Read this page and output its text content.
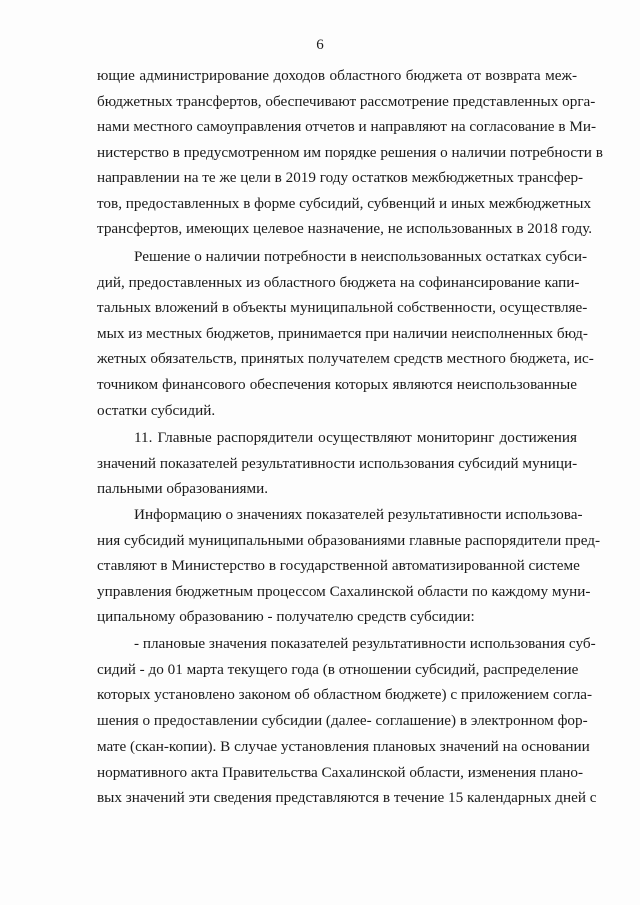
6
ющие администрирование доходов областного бюджета от возврата меж-
бюджетных трансфертов, обеспечивают рассмотрение представленных орга-
нами местного самоуправления отчетов и направляют на согласование в Ми-
нистерство в предусмотренном им порядке решения о наличии потребности в
направлении на те же цели в 2019 году остатков межбюджетных трансфер-
тов, предоставленных в форме субсидий, субвенций и иных межбюджетных
трансфертов, имеющих целевое назначение, не использованных в 2018 году.
Решение о наличии потребности в неиспользованных остатках субси-
дий, предоставленных из областного бюджета на софинансирование капи-
тальных вложений в объекты муниципальной собственности, осуществляе-
мых из местных бюджетов, принимается при наличии неисполненных бюд-
жетных обязательств, принятых получателем средств местного бюджета, ис-
точником финансового обеспечения которых являются неиспользованные
остатки субсидий.
11. Главные распорядители осуществляют мониторинг достижения
значений показателей результативности использования субсидий муници-
пальными образованиями.
Информацию о значениях показателей результативности использова-
ния субсидий муниципальными образованиями главные распорядители пред-
ставляют в Министерство в государственной автоматизированной системе
управления бюджетным процессом Сахалинской области по каждому муни-
ципальному образованию - получателю средств субсидии:
- плановые значения показателей результативности использования суб-
сидий - до 01 марта текущего года (в отношении субсидий, распределение
которых установлено законом об областном бюджете) с приложением согла-
шения о предоставлении субсидии (далее- соглашение) в электронном фор-
мате (скан-копии). В случае установления плановых значений на основании
нормативного акта Правительства Сахалинской области, изменения плано-
вых значений эти сведения представляются в течение 15 календарных дней с
